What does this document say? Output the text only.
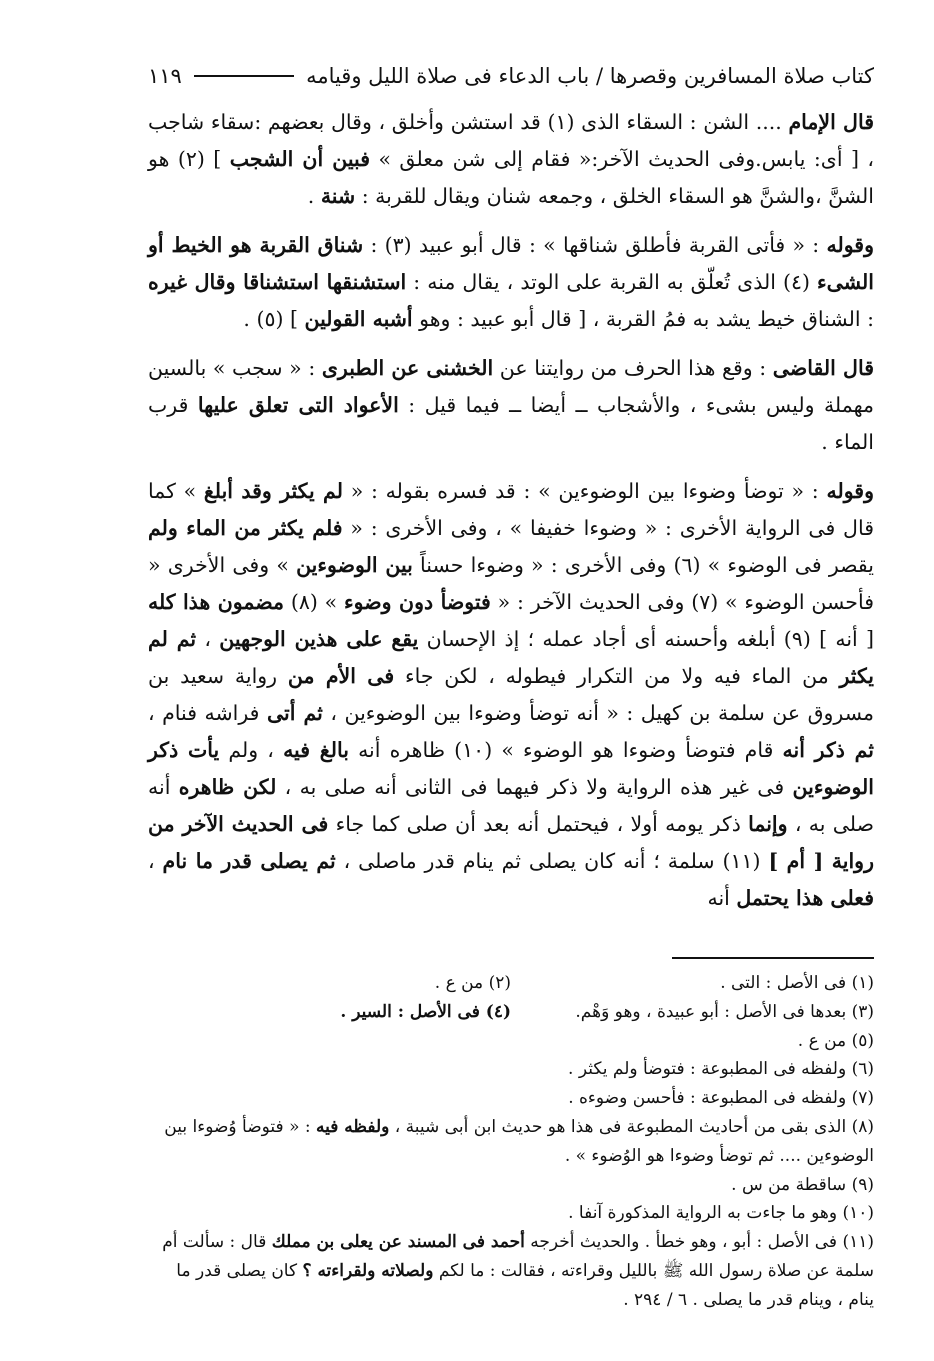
كتاب صلاة المسافرين وقصرها / باب الدعاء فى صلاة الليل وقيامه
١١٩

قال الإمام .... الشن : السقاء الذى (١) قد استشن وأخلق ، وقال بعضهم :سقاء شاجب ، [ أى: يابس.وفى الحديث الآخر:« فقام إلى شن معلق » فبين أن الشجب ] (٢) هو الشنَّ ،والشنَّ هو السقاء الخلق ، وجمعه شنان ويقال للقربة : شنة .

وقوله : « فأتى القربة فأطلق شناقها » : قال أبو عبيد (٣) : شناق القربة هو الخيط أو الشىء (٤) الذى تُعلّق به القربة على الوتد ، يقال منه : استشنقها استشناقا وقال غيره : الشناق خيط يشد به فمُ القربة ، [ قال أبو عبيد : وهو أشبه القولين ] (٥) .

قال القاضى : وقع هذا الحرف من روايتنا عن الخشنى عن الطبرى : « سجب » بالسين مهملة وليس بشىء ، والأشجاب ــ أيضا ــ فيما قيل : الأعواد التى تعلق عليها قرب الماء .

وقوله : « توضأ وضوءا بين الوضوءين » : قد فسره بقوله : « لم يكثر وقد أبلغ » كما قال فى الرواية الأخرى : « وضوءا خفيفا » ، وفى الأخرى : « فلم يكثر من الماء ولم يقصر فى الوضوء » (٦) وفى الأخرى : « وضوءا حسناً بين الوضوءين » وفى الأخرى « فأحسن الوضوء » (٧) وفى الحديث الآخر : « فتوضأ دون وضوء » (٨) مضمون هذا كله [ أنه ] (٩) أبلغه وأحسنه أى أجاد عمله ؛ إذ الإحسان يقع على هذين الوجهين ، ثم لم يكثر من الماء فيه ولا من التكرار فيطوله ، لكن جاء فى الأم من رواية سعيد بن مسروق عن سلمة بن كهيل : « أنه توضأ وضوءا بين الوضوءين ، ثم أتى فراشه فنام ، ثم ذكر أنه قام فتوضأ وضوءا هو الوضوء » (١٠) ظاهره أنه بالغ فيه ، ولم يأت ذكر الوضوءين فى غير هذه الرواية ولا ذكر فيهما فى الثانى أنه صلى به ، لكن ظاهره أنه صلى به ، وإنما ذكر يومه أولا ، فيحتمل أنه بعد أن صلى كما جاء فى الحديث الآخر من رواية [ أم ] (١١) سلمة ؛ أنه كان يصلى ثم ينام قدر ماصلى ، ثم يصلى قدر ما نام ، فعلى هذا يحتمل أنه

(١) فى الأصل : التى .
(٢) من ع .
(٣) بعدها فى الأصل : أبو عبيدة ، وهو وَهْم.
(٤) فى الأصل : السير .
(٥) من ع .
(٦) ولفظه فى المطبوعة : فتوضأ ولم يكثر .
(٧) ولفظه فى المطبوعة : فأحسن وضوءه .
(٨) الذى بقى من أحاديث المطبوعة فى هذا هو حديث ابن أبى شيبة ، ولفظه فيه : « فتوضأ وُضوءا بين الوضوءين .... ثم توضأ وضوءا هو الوُضوء » .
(٩) ساقطة من س .
(١٠) وهو ما جاءت به الرواية المذكورة آنفا .
(١١) فى الأصل : أبو ، وهو خطأ . والحديث أخرجه أحمد فى المسند عن يعلى بن مملك قال : سألت أم سلمة عن صلاة رسول الله ﷺ بالليل وقراءته ، فقالت : ما لكم ولصلاته ولقراءته ؟ كان يصلى قدر ما ينام ، وينام قدر ما يصلى . ٦ / ٢٩٤ .
